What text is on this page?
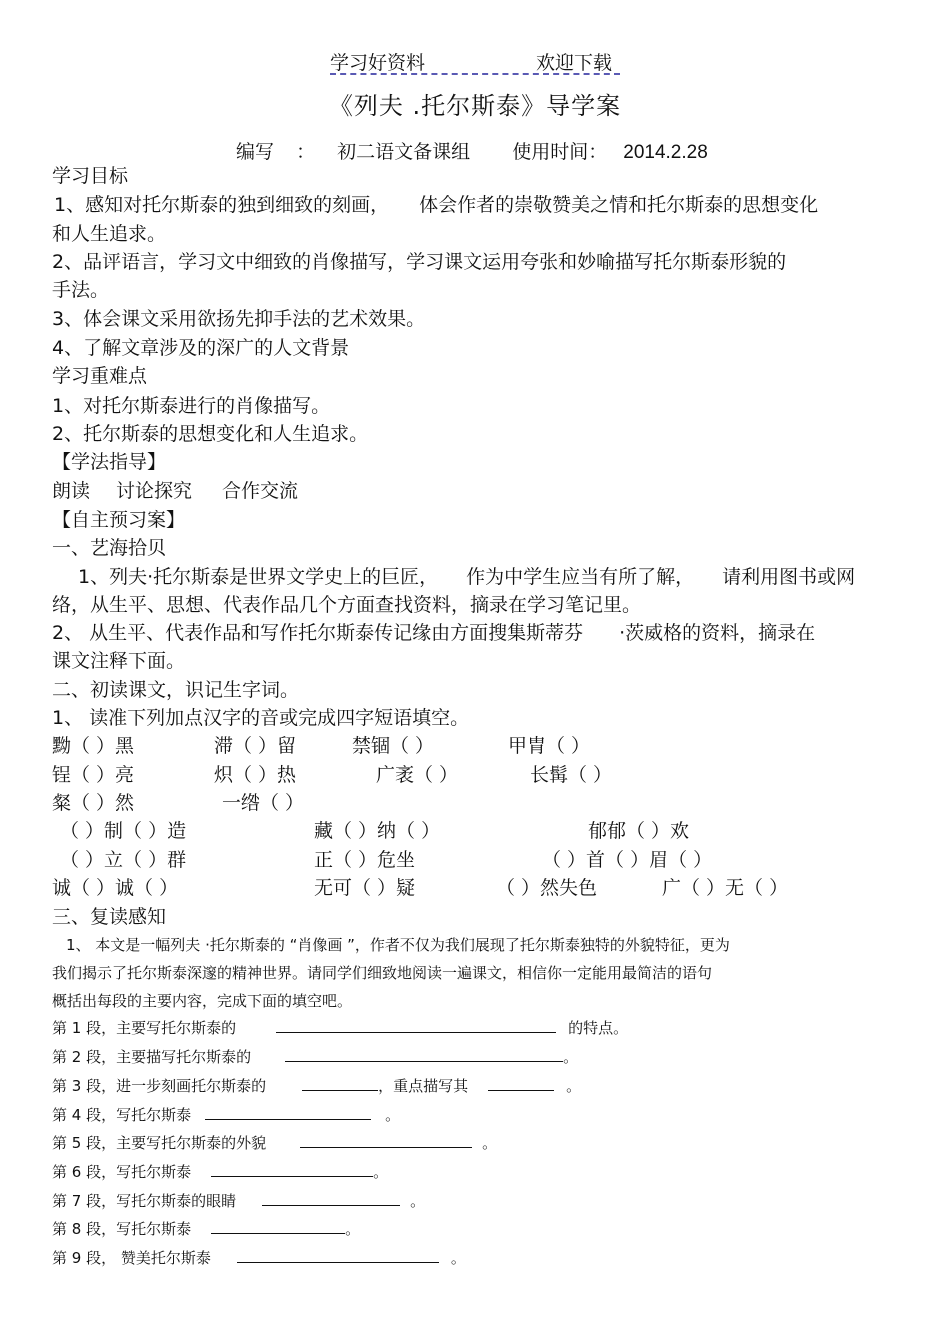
学习好资料	欢迎下载
《列夫 .托尔斯泰》导学案
编写 ： 初二语文备课组 使用时间： 2014.2.28
学习目标
1、感知对托尔斯泰的独到细致的刻画， 体会作者的崇敬赞美之情和托尔斯泰的思想变化
和人生追求。
2、品评语言，学习文中细致的肖像描写，学习课文运用夸张和妙喻描写托尔斯泰形貌的
手法。
3、体会课文采用欲扬先抑手法的艺术效果。
4、了解文章涉及的深广的人文背景
学习重难点
1、对托尔斯泰进行的肖像描写。
2、托尔斯泰的思想变化和人生追求。
【学法指导】
朗读 讨论探究 合作交流
【自主预习案】
一、艺海拾贝
1、列夫·托尔斯泰是世界文学史上的巨匠， 作为中学生应当有所了解， 请利用图书或网
络，从生平、思想、代表作品几个方面查找资料，摘录在学习笔记里。
2、 从生平、代表作品和写作托尔斯泰传记缘由方面搜集斯蒂芬 ·茨威格的资料，摘录在
课文注释下面。
二、初读课文，识记生字词。
1、 读准下列加点汉字的音或完成四字短语填空。
黝（ ）黑	滞（ ）留	禁锢（ ）	甲胄（ ）
锃（ ）亮	炽（ ）热	广袤（ ）	长髯（ ）
粲（ ）然	一绺（ ）
（ ）制（ ）造	藏（ ）纳（ ）	郁郁（ ）欢
（ ）立（ ）群	正（ ）危坐	（ ）首（ ）眉（ ）
诚（ ）诚（ ）	无可（ ）疑	（ ）然失色	广（ ）无（ ）
三、复读感知
1、 本文是一幅列夫 ·托尔斯泰的 “肖像画 ”，作者不仅为我们展现了托尔斯泰独特的外貌特征，更为
我们揭示了托尔斯泰深邃的精神世界。请同学们细致地阅读一遍课文，相信你一定能用最简洁的语句
概括出每段的主要内容，完成下面的填空吧。
第 1 段，主要写托尔斯泰的	的特点。
第 2 段，主要描写托尔斯泰的	。
第 3 段，进一步刻画托尔斯泰的	，重点描写其	。
第 4 段，写托尔斯泰	。
第 5 段，主要写托尔斯泰的外貌	。
第 6 段，写托尔斯泰	。
第 7 段，写托尔斯泰的眼睛	。
第 8 段，写托尔斯泰	。
第 9 段， 赞美托尔斯泰	。
